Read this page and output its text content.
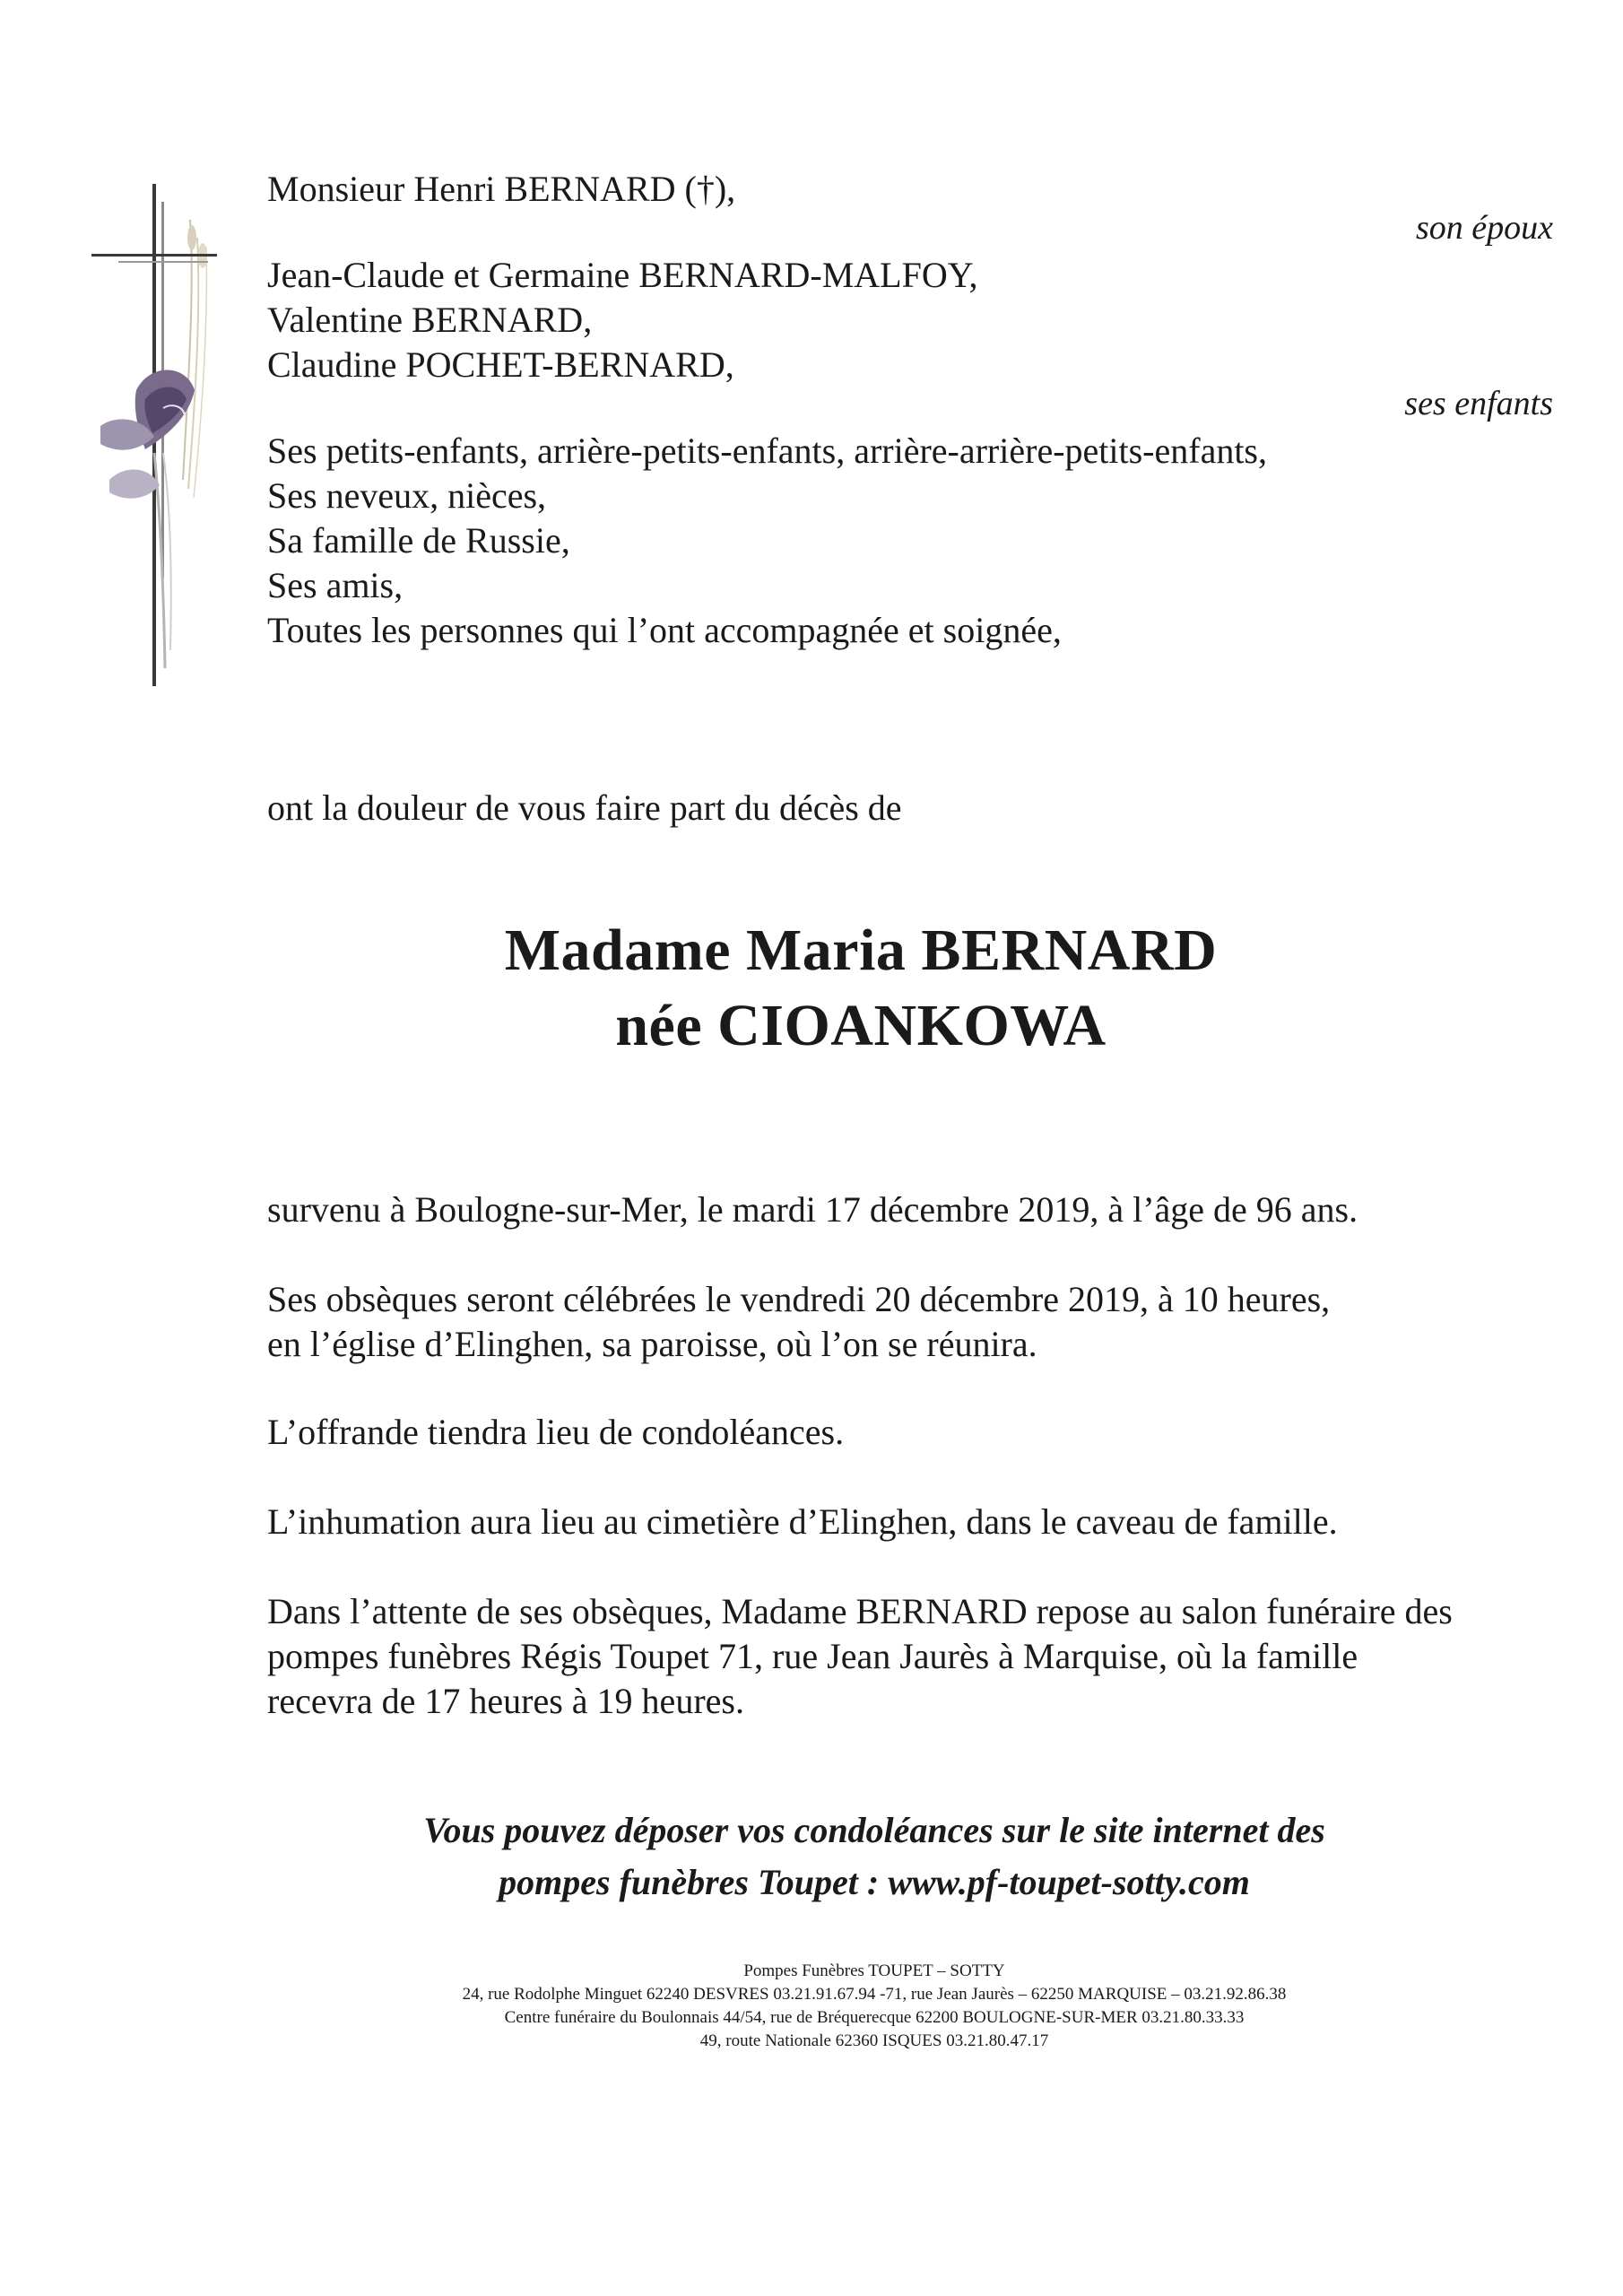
Monsieur Henri BERNARD (†),
son époux
Jean-Claude et Germaine BERNARD-MALFOY,
Valentine BERNARD,
Claudine POCHET-BERNARD,
ses enfants
Ses petits-enfants, arrière-petits-enfants, arrière-arrière-petits-enfants,
Ses neveux, nièces,
Sa famille de Russie,
Ses amis,
Toutes les personnes qui l’ont accompagnée et soignée,
ont la douleur de vous faire part du décès de
Madame Maria BERNARD
née CIOANKOWA
survenu à Boulogne-sur-Mer, le mardi 17 décembre 2019, à l’âge de 96 ans.
Ses obsèques seront célébrées le vendredi 20 décembre 2019, à 10 heures,
en l’église d’Elinghen, sa paroisse, où l’on se réunira.
L’offrande tiendra lieu de condoléances.
L’inhumation aura lieu au cimetière d’Elinghen, dans le caveau de famille.
Dans l’attente de ses obsèques, Madame BERNARD repose au salon funéraire des
pompes funèbres Régis Toupet 71, rue Jean Jaurès à Marquise, où la famille
recevra de 17 heures à 19 heures.
Vous pouvez déposer vos condoléances sur le site internet des
pompes funèbres Toupet : www.pf-toupet-sotty.com
Pompes Funèbres TOUPET – SOTTY
24, rue Rodolphe Minguet 62240 DESVRES 03.21.91.67.94 -71, rue Jean Jaurès – 62250 MARQUISE – 03.21.92.86.38
Centre funéraire du Boulonnais 44/54, rue de Bréquerecque 62200 BOULOGNE-SUR-MER 03.21.80.33.33
49, route Nationale 62360 ISQUES 03.21.80.47.17
